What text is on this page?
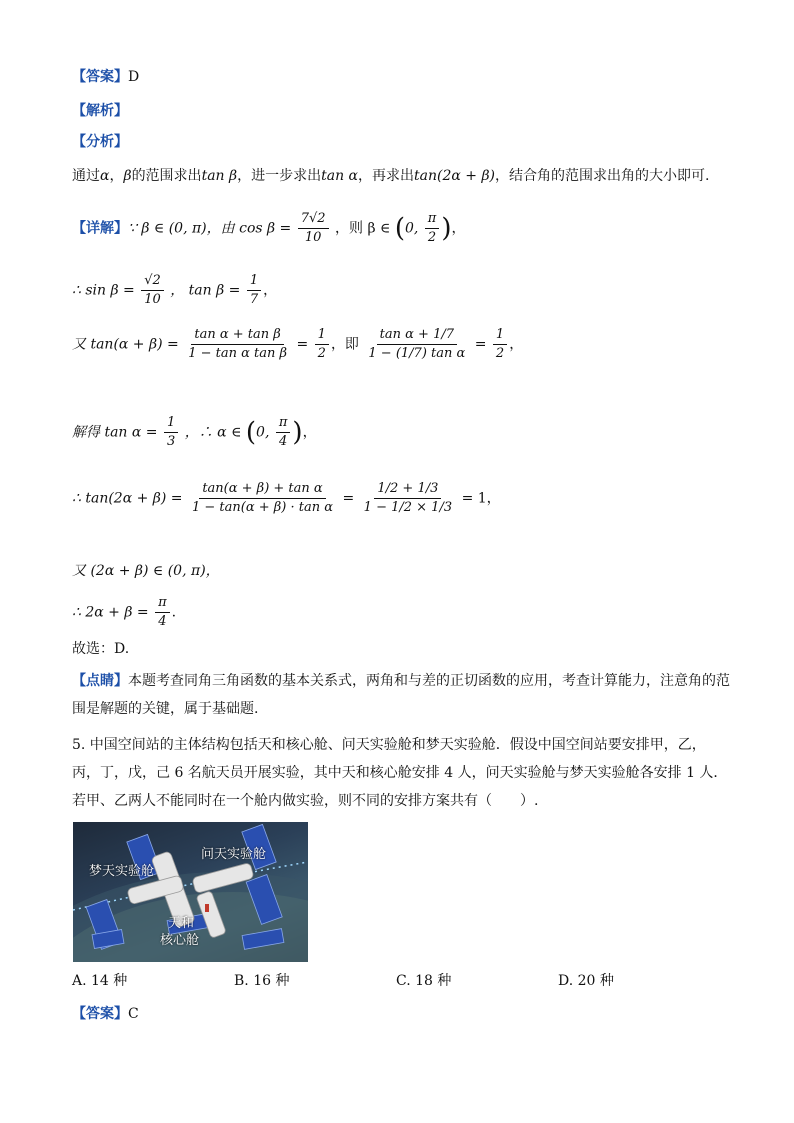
【答案】D
【解析】
【分析】
通过α，β的范围求出tan β，进一步求出tan α，再求出tan(2α + β)，结合角的范围求出角的大小即可.
【详解】∵ β ∈ (0, π)，由 $\cos \beta = \frac{7√2}{10}$ ，则 β ∈ (0, $\frac{\pi}{2}$ )，
∴ $\sin \beta = \frac{√2}{10}$ ， $\tan \beta = \frac{1}{7}$ ，
又 $\tan(\alpha + \beta) = \frac{\text{tan α + tan β}}{\text{1 − tan α tan β}} = \frac{1}{2}$ ，即 $\frac{\text{tan α + 1/7}}{\text{1 − (1/7) tan α}} = \frac{1}{2}$ ，
解得 $\tan \alpha = \frac{1}{3}$ ，∴ α ∈ (0, $\frac{\pi}{4}$ )，
∴ $\tan(2\alpha + \beta) = \frac{\text{tan(α + β) + tan α}}{\text{1 − tan(α + β) · tan α}} = \frac{1/2 + 1/3}{1 - 1/2 \times 1/3} = 1$，
又 (2α + β) ∈ (0, π)，
∴ $2\alpha + \beta = \frac{\pi}{4}$ .
故选：D.
【点睛】本题考查同角三角函数的基本关系式，两角和与差的正切函数的应用，考查计算能力，注意角的范围是解题的关键，属于基础题.
5. 中国空间站的主体结构包括天和核心舱、问天实验舱和梦天实验舱．假设中国空间站要安排甲，乙，丙，丁，戊，己 6 名航天员开展实验，其中天和核心舱安排 4 人，问天实验舱与梦天实验舱各安排 1 人．若甲、乙两人不能同时在一个舱内做实验，则不同的安排方案共有（　　）.
梦天实验舱
问天实验舱
天和
核心舱
A. 14 种	B. 16 种	C. 18 种	D. 20 种
【答案】C
